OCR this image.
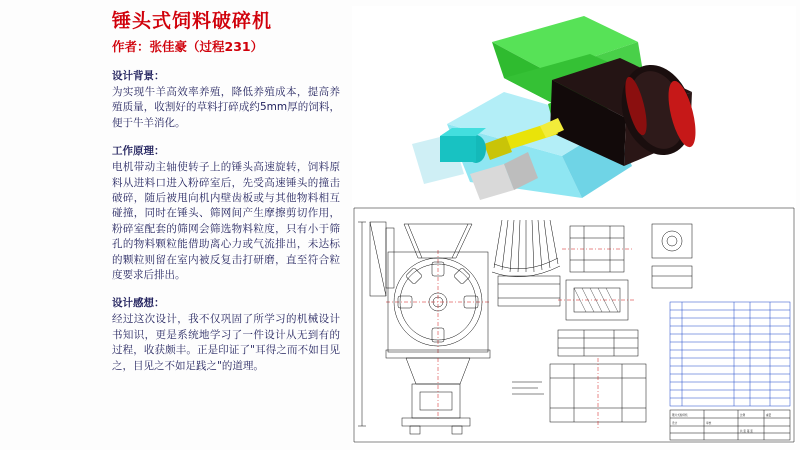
锤头式饲料破碎机
作者：张佳豪（过程231）
设计背景：
为实现牛羊高效率养殖，降低养殖成本，提高养殖质量，收割好的草料打碎成约5mm厚的饲料，便于牛羊消化。
工作原理：
电机带动主轴使转子上的锤头高速旋转，饲料原料从进料口进入粉碎室后，先受高速锤头的撞击破碎，随后被甩向机内壁齿板或与其他物料相互碰撞，同时在锤头、筛网间产生摩擦剪切作用，粉碎室配套的筛网会筛选物料粒度，只有小于筛孔的物料颗粒能借助离心力或气流排出，未达标的颗粒则留在室内被反复击打研磨，直至符合粒度要求后排出。
设计感想：
经过这次设计，我不仅巩固了所学习的机械设计书知识，更是系统地学习了一件设计从无到有的过程，收获颇丰。正是印证了"耳得之而不如目见之，目见之不如足践之"的道理。
锤片式粉碎机	比例	重量
设计	审核
共 张 第 张
